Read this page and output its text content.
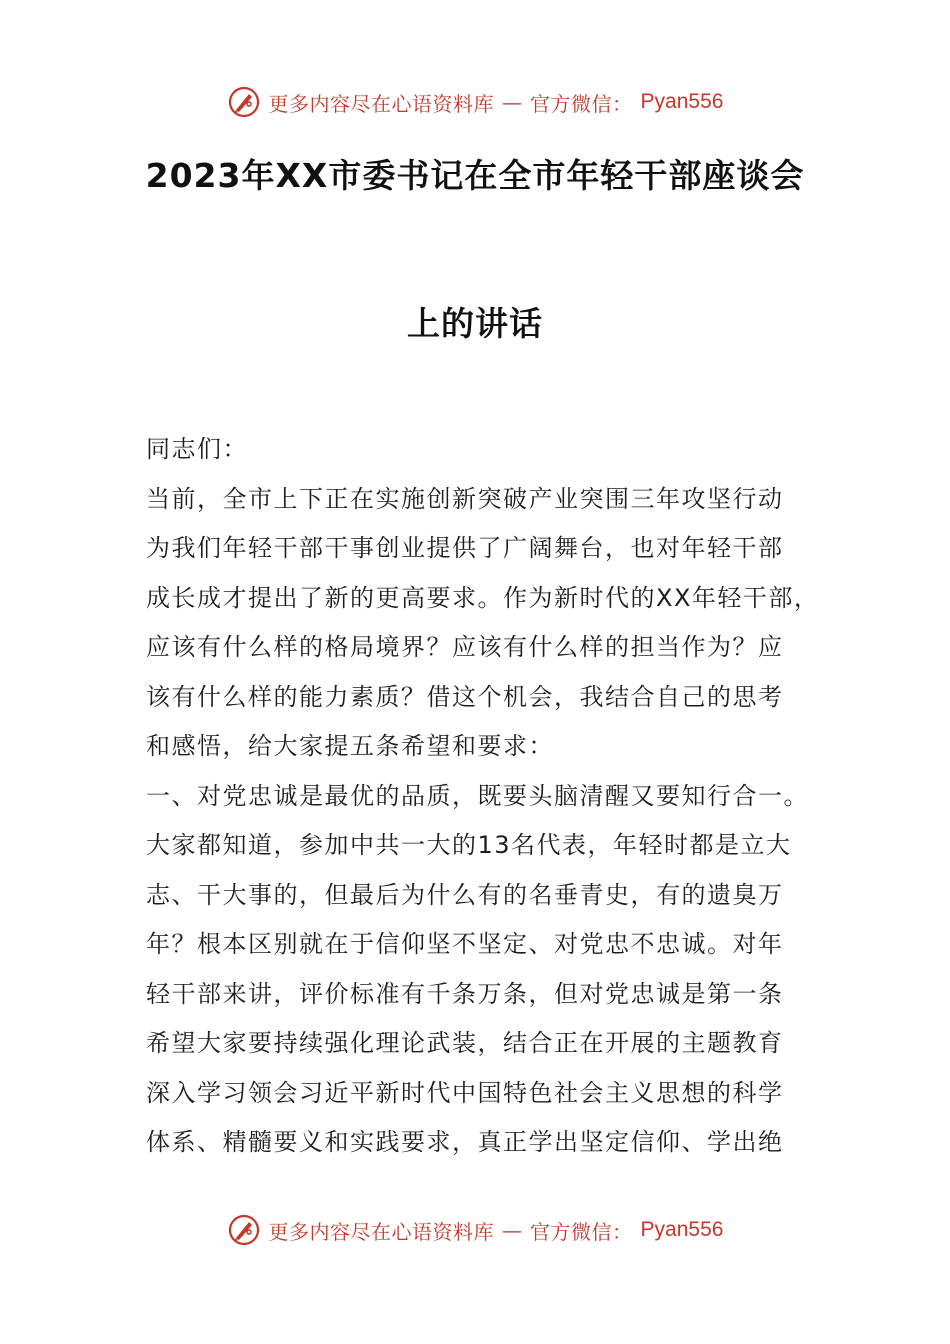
更多内容尽在心语资料库 — 官方微信： Pyan556
2023年XX市委书记在全市年轻干部座谈会
上的讲话
同志们：
当前，全市上下正在实施创新突破产业突围三年攻坚行动
为我们年轻干部干事创业提供了广阔舞台，也对年轻干部
成长成才提出了新的更高要求。作为新时代的XX年轻干部，
应该有什么样的格局境界？应该有什么样的担当作为？应
该有什么样的能力素质？借这个机会，我结合自己的思考
和感悟，给大家提五条希望和要求：
一、对党忠诚是最优的品质，既要头脑清醒又要知行合一。
大家都知道，参加中共一大的13名代表，年轻时都是立大
志、干大事的，但最后为什么有的名垂青史，有的遗臭万
年？根本区别就在于信仰坚不坚定、对党忠不忠诚。对年
轻干部来讲，评价标准有千条万条，但对党忠诚是第一条
希望大家要持续强化理论武装，结合正在开展的主题教育
深入学习领会习近平新时代中国特色社会主义思想的科学
体系、精髓要义和实践要求，真正学出坚定信仰、学出绝
更多内容尽在心语资料库 — 官方微信： Pyan556
